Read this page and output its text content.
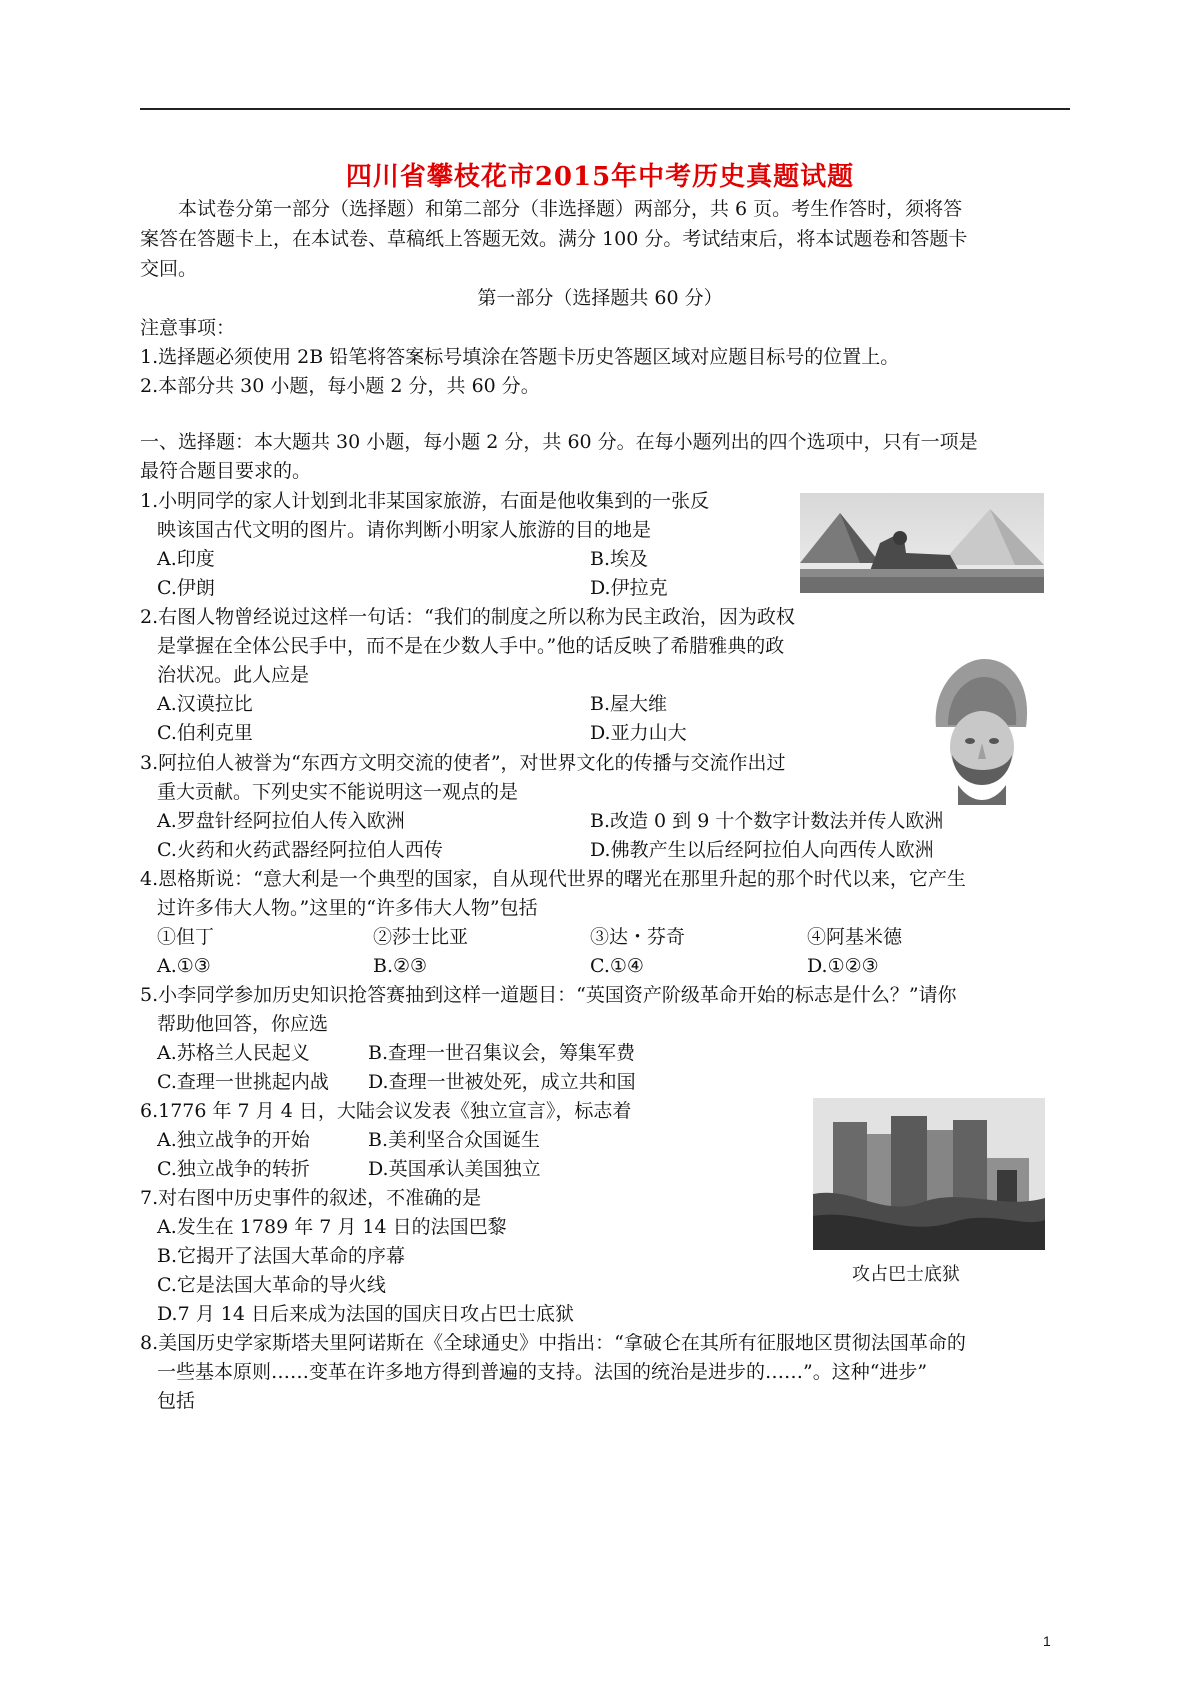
四川省攀枝花市2015年中考历史真题试题
本试卷分第一部分（选择题）和第二部分（非选择题）两部分，共 6 页。考生作答时，须将答
案答在答题卡上，在本试卷、草稿纸上答题无效。满分 100 分。考试结束后，将本试题卷和答题卡
交回。
第一部分（选择题共 60 分）
注意事项：
1.选择题必须使用 2B 铅笔将答案标号填涂在答题卡历史答题区域对应题目标号的位置上。
2.本部分共 30 小题，每小题 2 分，共 60 分。
一、选择题：本大题共 30 小题，每小题 2 分，共 60 分。在每小题列出的四个选项中，只有一项是
最符合题目要求的。
1.小明同学的家人计划到北非某国家旅游，右面是他收集到的一张反
映该国古代文明的图片。请你判断小明家人旅游的目的地是
A.印度	B.埃及
C.伊朗	D.伊拉克
2.右图人物曾经说过这样一句话：“我们的制度之所以称为民主政治，因为政权
是掌握在全体公民手中，而不是在少数人手中。”他的话反映了希腊雅典的政
治状况。此人应是
A.汉谟拉比	B.屋大维
C.伯利克里	D.亚力山大
3.阿拉伯人被誉为“东西方文明交流的使者”，对世界文化的传播与交流作出过
重大贡献。下列史实不能说明这一观点的是
A.罗盘针经阿拉伯人传入欧洲	B.改造 0 到 9 十个数字计数法并传人欧洲
C.火药和火药武器经阿拉伯人西传	D.佛教产生以后经阿拉伯人向西传人欧洲
4.恩格斯说：“意大利是一个典型的国家，自从现代世界的曙光在那里升起的那个时代以来，它产生
过许多伟大人物。”这里的“许多伟大人物”包括
①但丁	②莎士比亚	③达・芬奇	④阿基米德
A.①③	B.②③	C.①④	D.①②③
5.小李同学参加历史知识抢答赛抽到这样一道题目：“英国资产阶级革命开始的标志是什么？”请你
帮助他回答，你应选
A.苏格兰人民起义	B.查理一世召集议会，筹集军费
C.查理一世挑起内战 D.查理一世被处死，成立共和国
6.1776 年 7 月 4 日，大陆会议发表《独立宣言》，标志着
A.独立战争的开始	B.美利坚合众国诞生
C.独立战争的转折	D.英国承认美国独立
7.对右图中历史事件的叙述，不准确的是
A.发生在 1789 年 7 月 14 日的法国巴黎
B.它揭开了法国大革命的序幕
C.它是法国大革命的导火线
D.7 月 14 日后来成为法国的国庆日攻占巴士底狱
攻占巴士底狱
8.美国历史学家斯塔夫里阿诺斯在《全球通史》中指出：“拿破仑在其所有征服地区贯彻法国革命的
一些基本原则……变革在许多地方得到普遍的支持。法国的统治是进步的……”。这种“进步”
包括
1
